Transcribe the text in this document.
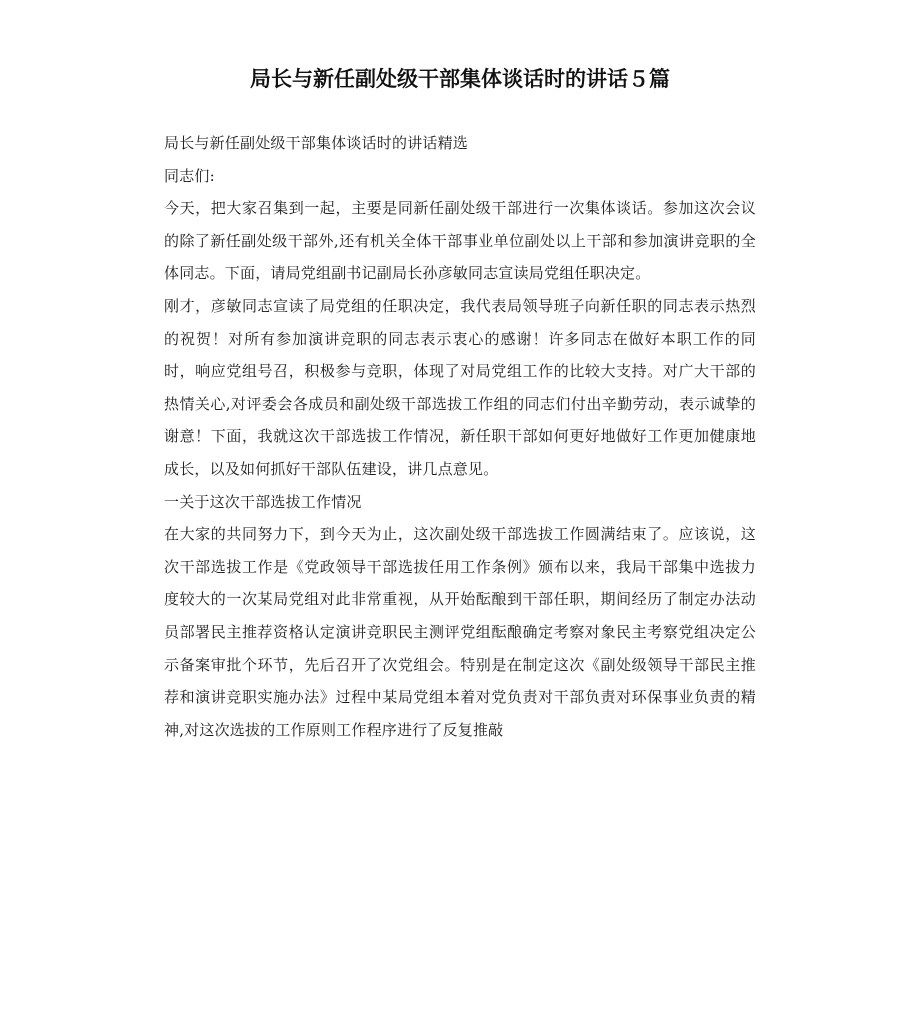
局长与新任副处级干部集体谈话时的讲话５篇

局长与新任副处级干部集体谈话时的讲话精选

同志们:

今天，把大家召集到一起，主要是同新任副处级干部进行一次集体谈话。参加这次会议的除了新任副处级干部外,还有机关全体干部事业单位副处以上干部和参加演讲竞职的全体同志。下面，请局党组副书记副局长孙彦敏同志宣读局党组任职决定。

刚才，彦敏同志宣读了局党组的任职决定，我代表局领导班子向新任职的同志表示热烈的祝贺！对所有参加演讲竞职的同志表示衷心的感谢！许多同志在做好本职工作的同时，响应党组号召，积极参与竞职，体现了对局党组工作的比较大支持。对广大干部的热情关心,对评委会各成员和副处级干部选拔工作组的同志们付出辛勤劳动，表示诚挚的谢意！下面，我就这次干部选拔工作情况，新任职干部如何更好地做好工作更加健康地成长，以及如何抓好干部队伍建设，讲几点意见。

一关于这次干部选拔工作情况

在大家的共同努力下，到今天为止，这次副处级干部选拔工作圆满结束了。应该说，这次干部选拔工作是《党政领导干部选拔任用工作条例》颁布以来，我局干部集中选拔力度较大的一次某局党组对此非常重视，从开始酝酿到干部任职，期间经历了制定办法动员部署民主推荐资格认定演讲竞职民主测评党组酝酿确定考察对象民主考察党组决定公示备案审批个环节，先后召开了次党组会。特别是在制定这次《副处级领导干部民主推荐和演讲竞职实施办法》过程中某局党组本着对党负责对干部负责对环保事业负责的精神,对这次选拔的工作原则工作程序进行了反复推敲
